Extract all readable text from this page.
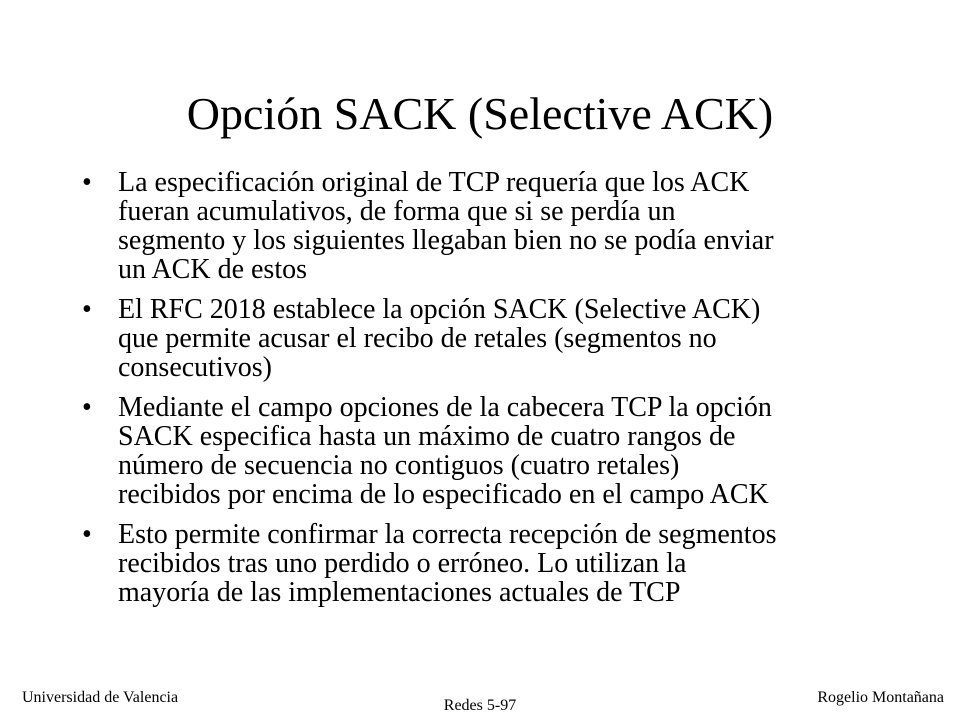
Opción SACK (Selective ACK)
• La especificación original de TCP requería que los ACK
fueran acumulativos, de forma que si se perdía un
segmento y los siguientes llegaban bien no se podía enviar
un ACK de estos
• El RFC 2018 establece la opción SACK (Selective ACK)
que permite acusar el recibo de retales (segmentos no
consecutivos)
• Mediante el campo opciones de la cabecera TCP la opción
SACK especifica hasta un máximo de cuatro rangos de
número de secuencia no contiguos (cuatro retales)
recibidos por encima de lo especificado en el campo ACK
• Esto permite confirmar la correcta recepción de segmentos
recibidos tras uno perdido o erróneo. Lo utilizan la
mayoría de las implementaciones actuales de TCP
Universidad de Valencia	Redes 5-97	Rogelio Montañana
